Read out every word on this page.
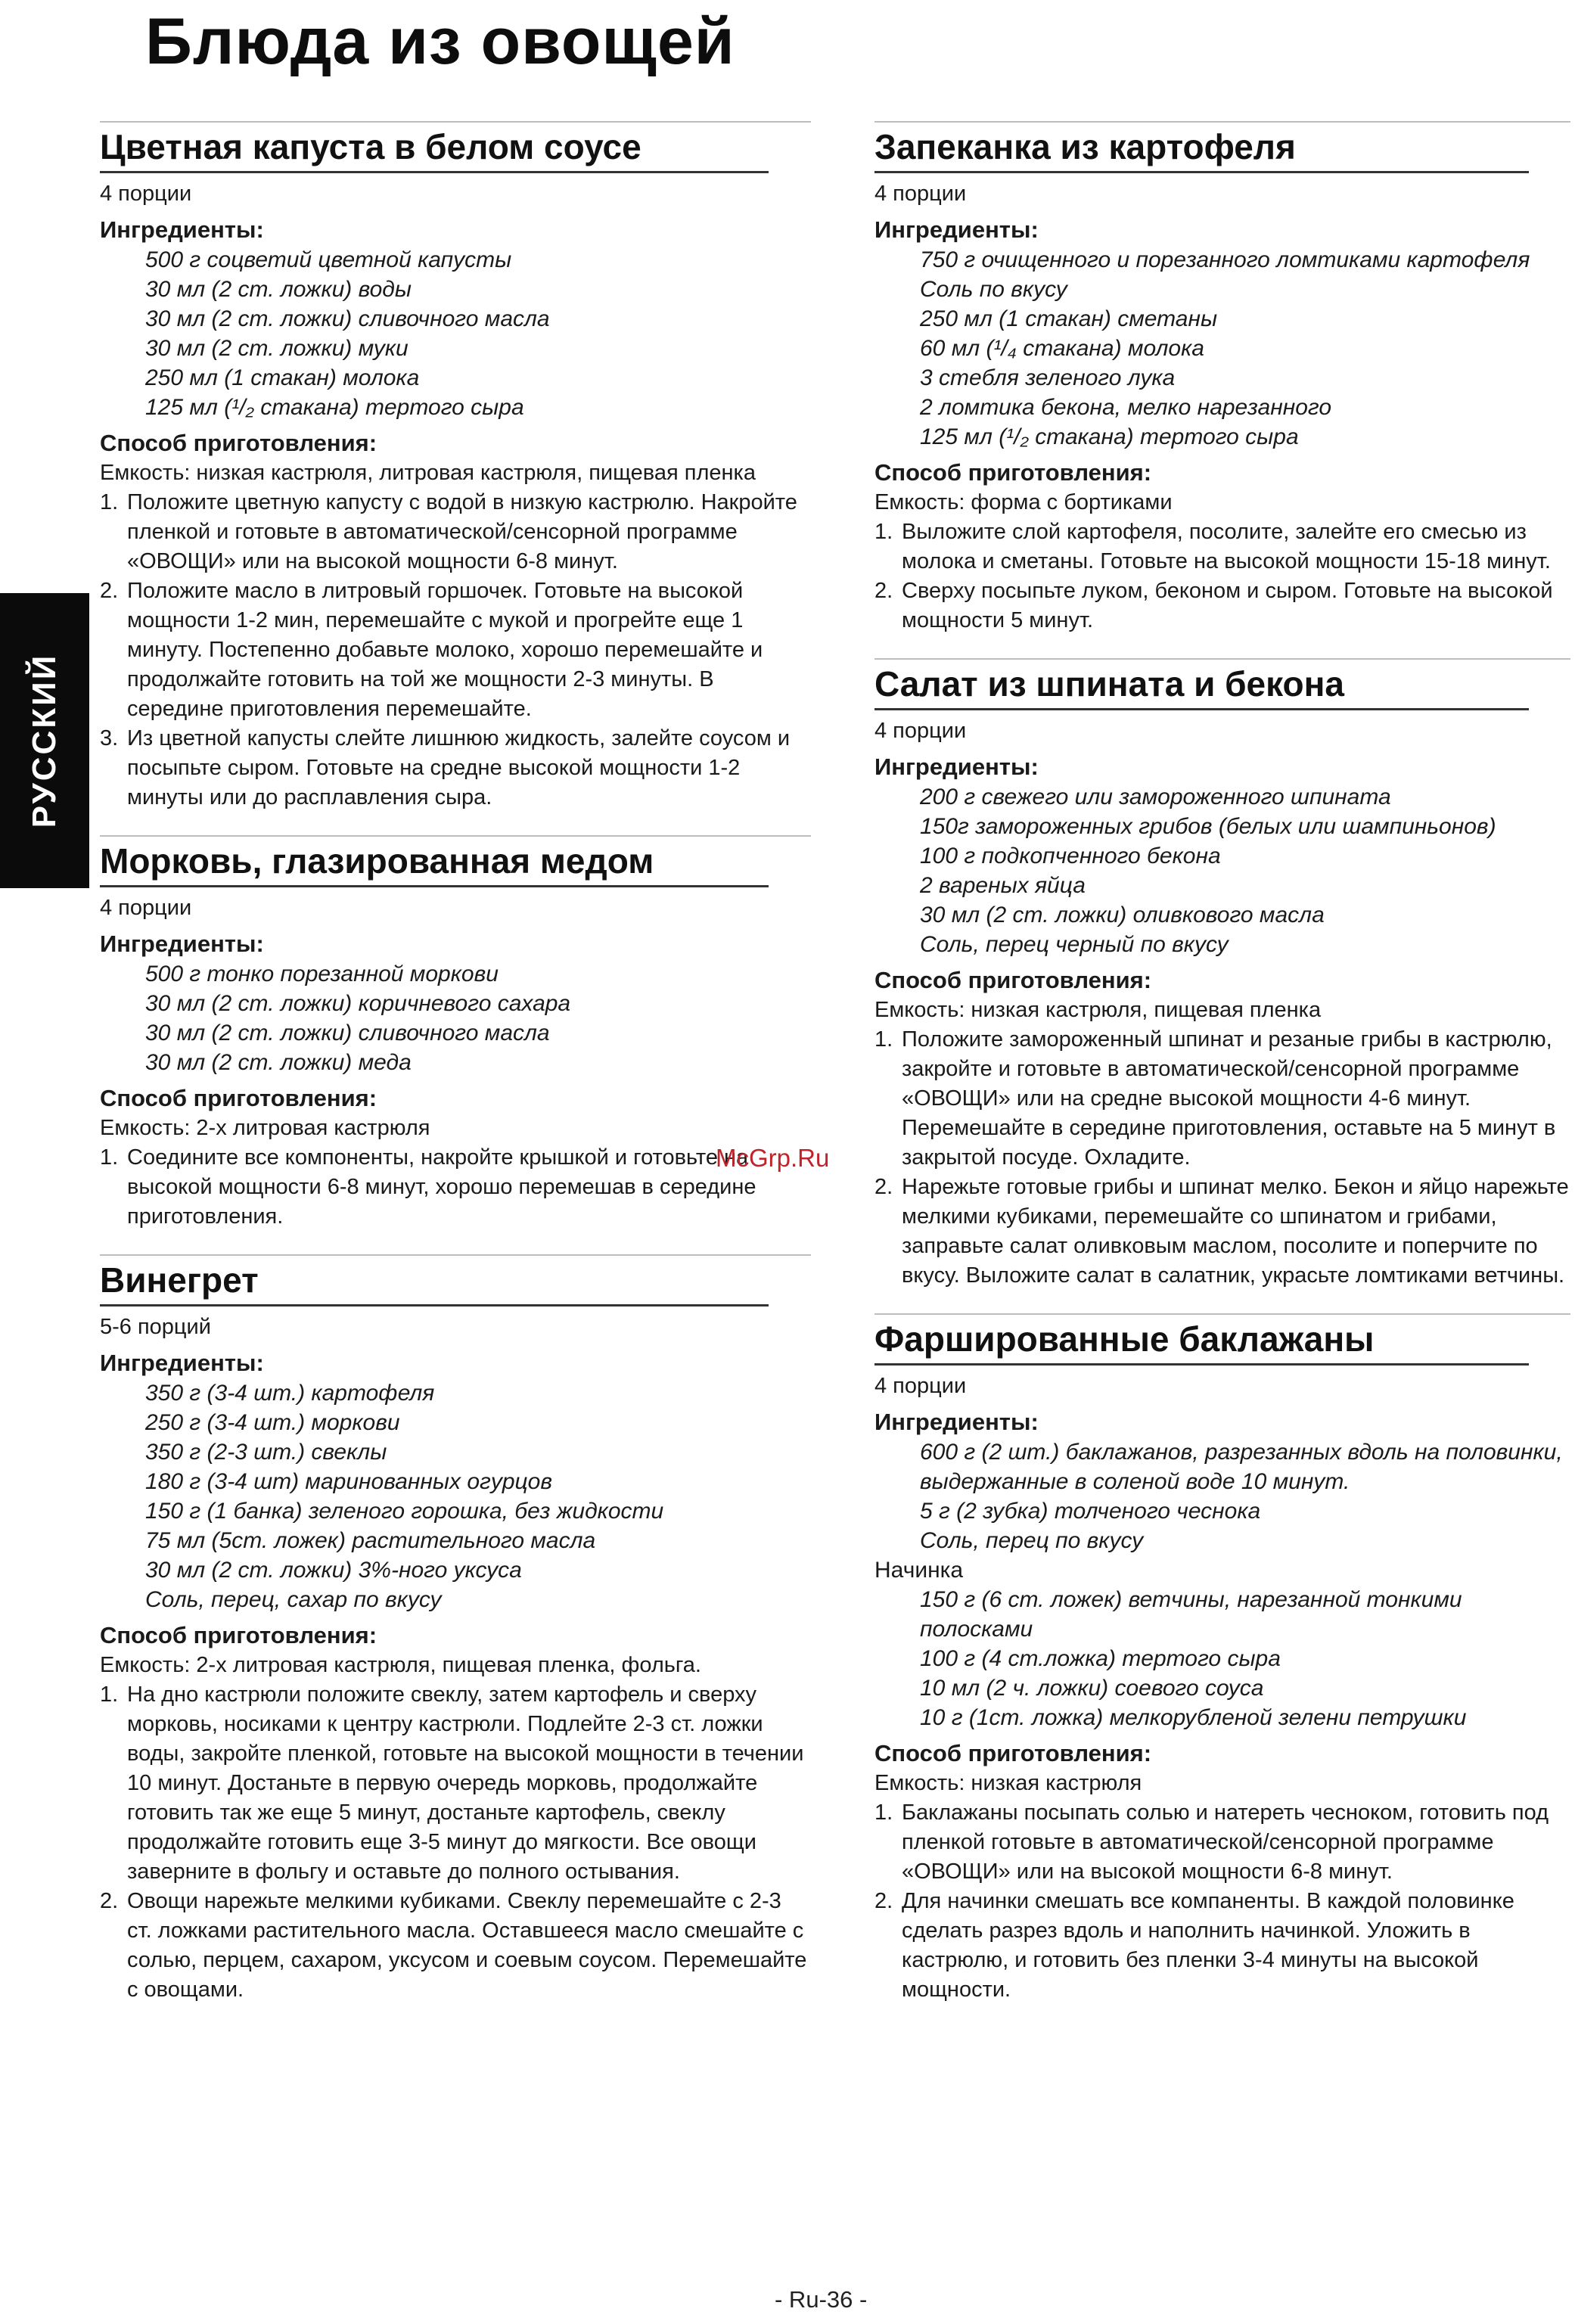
Блюда из овощей
РУССКИЙ
Цветная капуста в белом соусе
4 порции
Ингредиенты:
500 г соцветий цветной капусты
30 мл (2 ст. ложки) воды
30 мл (2 ст. ложки) сливочного масла
30 мл (2 ст. ложки) муки
250 мл (1 стакан) молока
125 мл (¹/₂ стакана) тертого сыра
Способ приготовления:
Емкость: низкая кастрюля, литровая кастрюля, пищевая пленка
1. Положите цветную капусту с водой в низкую кастрюлю. Накройте пленкой и готовьте в автоматической/сенсорной программе «ОВОЩИ» или на высокой мощности 6-8 минут.
2. Положите масло в литровый горшочек. Готовьте на высокой мощности 1-2 мин, перемешайте с мукой и прогрейте еще 1 минуту. Постепенно добавьте молоко, хорошо перемешайте и продолжайте готовить на той же мощности 2-3 минуты. В середине приготовления перемешайте.
3. Из цветной капусты слейте лишнюю жидкость, залейте соусом и посыпьте сыром. Готовьте на средне высокой мощности 1-2 минуты или до расплавления сыра.
Морковь, глазированная медом
4 порции
Ингредиенты:
500 г тонко порезанной моркови
30 мл (2 ст. ложки) коричневого сахара
30 мл (2 ст. ложки) сливочного масла
30 мл (2 ст. ложки) меда
Способ приготовления:
Емкость: 2-х литровая кастрюля
1. Соедините все компоненты, накройте крышкой и готовьте на высокой мощности 6-8 минут, хорошо перемешав в середине приготовления.
Винегрет
5-6 порций
Ингредиенты:
350 г (3-4 шт.) картофеля
250 г (3-4 шт.) моркови
350 г (2-3 шт.) свеклы
180 г (3-4 шт) маринованных огурцов
150 г (1 банка) зеленого горошка, без жидкости
75 мл (5ст. ложек) растительного масла
30 мл (2 ст. ложки) 3%-ного уксуса
Соль, перец, сахар по вкусу
Способ приготовления:
Емкость: 2-х литровая кастрюля, пищевая пленка, фольга.
1. На дно кастрюли положите свеклу, затем картофель и сверху морковь, носиками к центру кастрюли. Подлейте 2-3 ст. ложки воды, закройте пленкой, готовьте на высокой мощности в течении 10 минут. Достаньте в первую очередь морковь, продолжайте готовить так же еще 5 минут, достаньте картофель, свеклу продолжайте готовить еще 3-5 минут до мягкости. Все овощи заверните в фольгу и оставьте до полного остывания.
2. Овощи нарежьте мелкими кубиками. Свеклу перемешайте с 2-3 ст. ложками растительного масла. Оставшееся масло смешайте с солью, перцем, сахаром, уксусом и соевым соусом. Перемешайте с овощами.
Запеканка из картофеля
4 порции
Ингредиенты:
750 г очищенного и порезанного ломтиками картофеля
Соль по вкусу
250 мл (1 стакан) сметаны
60 мл (¹/₄ стакана) молока
3 стебля зеленого лука
2 ломтика бекона, мелко нарезанного
125 мл (¹/₂ стакана) тертого сыра
Способ приготовления:
Емкость: форма с бортиками
1. Выложите слой картофеля, посолите, залейте его смесью из молока и сметаны. Готовьте на высокой мощности 15-18 минут.
2. Сверху посыпьте луком, беконом и сыром. Готовьте на высокой мощности 5 минут.
Салат из шпината и бекона
4 порции
Ингредиенты:
200 г свежего или замороженного шпината
150г замороженных грибов (белых или шампиньонов)
100 г подкопченного бекона
2 вареных яйца
30 мл (2 ст. ложки) оливкового масла
Соль, перец черный по вкусу
Способ приготовления:
Емкость: низкая кастрюля, пищевая пленка
1. Положите замороженный шпинат и резаные грибы в кастрюлю, закройте и готовьте в автоматической/сенсорной программе «ОВОЩИ» или на средне высокой мощности 4-6 минут. Перемешайте в середине приготовления, оставьте на 5 минут в закрытой посуде. Охладите.
2. Нарежьте готовые грибы и шпинат мелко. Бекон и яйцо нарежьте мелкими кубиками, перемешайте со шпинатом и грибами, заправьте салат оливковым маслом, посолите и поперчите по вкусу. Выложите салат в салатник, украсьте ломтиками ветчины.
Фаршированные баклажаны
4 порции
Ингредиенты:
600 г (2 шт.) баклажанов, разрезанных вдоль на половинки, выдержанные в соленой воде 10 минут.
5 г (2 зубка) толченого чеснока
Соль, перец по вкусу
Начинка
150 г (6 ст. ложек) ветчины, нарезанной тонкими полосками
100 г (4 ст.ложка) тертого сыра
10 мл (2 ч. ложки) соевого соуса
10 г (1ст. ложка) мелкорубленой зелени петрушки
Способ приготовления:
Емкость: низкая кастрюля
1. Баклажаны посыпать солью и натереть чесноком, готовить под пленкой готовьте в автоматической/сенсорной программе «ОВОЩИ» или на высокой мощности 6-8 минут.
2. Для начинки смешать все компаненты. В каждой половинке сделать разрез вдоль и наполнить начинкой. Уложить в кастрюлю, и готовить без пленки 3-4 минуты на высокой мощности.
McGrp.Ru
- Ru-36 -
